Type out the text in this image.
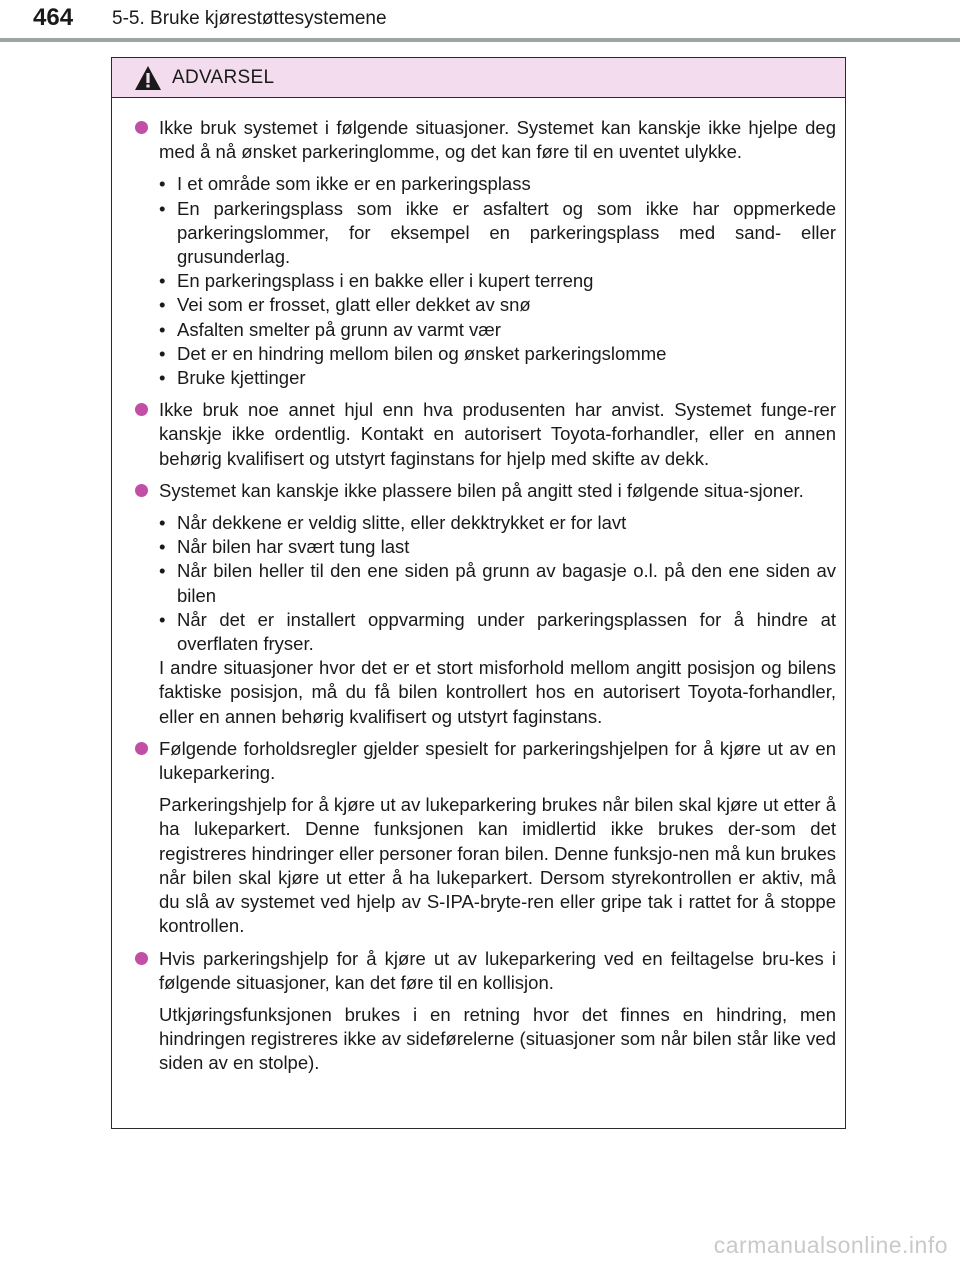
464 5-5. Bruke kjørestøttesystemene
ADVARSEL
Ikke bruk systemet i følgende situasjoner. Systemet kan kanskje ikke hjelpe deg med å nå ønsket parkeringlomme, og det kan føre til en uventet ulykke.
• I et område som ikke er en parkeringsplass
• En parkeringsplass som ikke er asfaltert og som ikke har oppmerkede parkeringslommer, for eksempel en parkeringsplass med sand- eller grusunderlag.
• En parkeringsplass i en bakke eller i kupert terreng
• Vei som er frosset, glatt eller dekket av snø
• Asfalten smelter på grunn av varmt vær
• Det er en hindring mellom bilen og ønsket parkeringslomme
• Bruke kjettinger
Ikke bruk noe annet hjul enn hva produsenten har anvist. Systemet funge-rer kanskje ikke ordentlig. Kontakt en autorisert Toyota-forhandler, eller en annen behørig kvalifisert og utstyrt faginstans for hjelp med skifte av dekk.
Systemet kan kanskje ikke plassere bilen på angitt sted i følgende situa-sjoner.
• Når dekkene er veldig slitte, eller dekktrykket er for lavt
• Når bilen har svært tung last
• Når bilen heller til den ene siden på grunn av bagasje o.l. på den ene siden av bilen
• Når det er installert oppvarming under parkeringsplassen for å hindre at overflaten fryser.
I andre situasjoner hvor det er et stort misforhold mellom angitt posisjon og bilens faktiske posisjon, må du få bilen kontrollert hos en autorisert Toyota-forhandler, eller en annen behørig kvalifisert og utstyrt faginstans.
Følgende forholdsregler gjelder spesielt for parkeringshjelpen for å kjøre ut av en lukeparkering.
Parkeringshjelp for å kjøre ut av lukeparkering brukes når bilen skal kjøre ut etter å ha lukeparkert. Denne funksjonen kan imidlertid ikke brukes der-som det registreres hindringer eller personer foran bilen. Denne funksjo-nen må kun brukes når bilen skal kjøre ut etter å ha lukeparkert. Dersom styrekontrollen er aktiv, må du slå av systemet ved hjelp av S-IPA-bryte-ren eller gripe tak i rattet for å stoppe kontrollen.
Hvis parkeringshjelp for å kjøre ut av lukeparkering ved en feiltagelse bru-kes i følgende situasjoner, kan det føre til en kollisjon.
Utkjøringsfunksjonen brukes i en retning hvor det finnes en hindring, men hindringen registreres ikke av sideførelerne (situasjoner som når bilen står like ved siden av en stolpe).
carmanualsonline.info
